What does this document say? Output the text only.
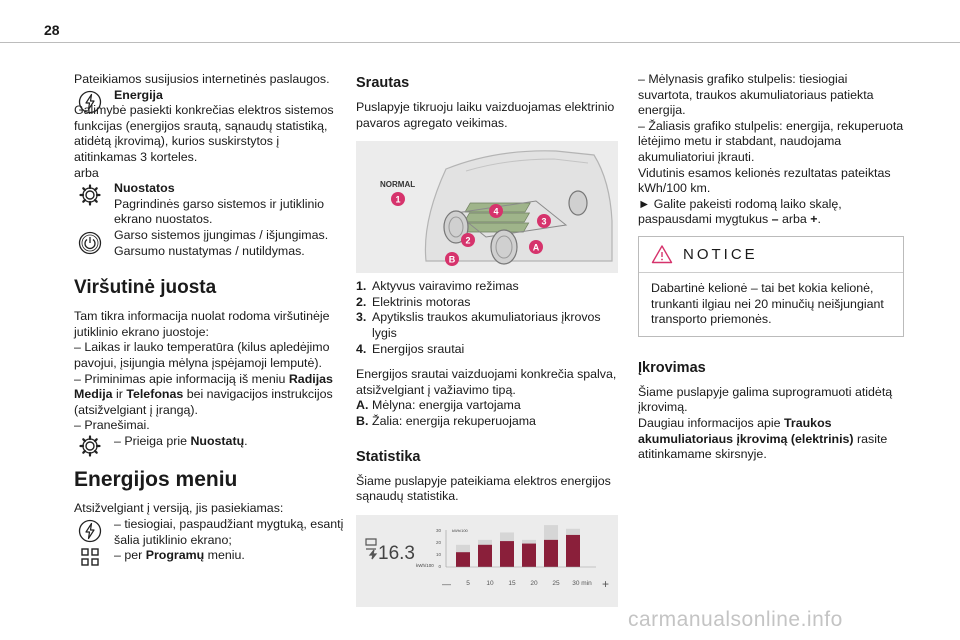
28

Pateikiamos susijusios internetinės paslaugos.

Energija

Galimybė pasiekti konkrečias elektros sistemos funkcijas (energijos srautą, sąnaudų statistiką, atidėtą įkrovimą), kurios suskirstytos į atitinkamas 3 korteles.

arba

Nuostatos

Pagrindinės garso sistemos ir jutiklinio ekrano nuostatos.

Garso sistemos įjungimas / išjungimas. Garsumo nustatymas / nutildymas.

Viršutinė juosta

Tam tikra informacija nuolat rodoma viršutinėje jutiklinio ekrano juostoje:

– Laikas ir lauko temperatūra (kilus apledėjimo pavojui, įsijungia mėlyna įspėjamoji lemputė).

– Priminimas apie informaciją iš meniu Radijas Medija ir Telefonas bei navigacijos instrukcijos (atsižvelgiant į įrangą).

– Pranešimai.

– Prieiga prie Nuostatų.

Energijos meniu

Atsižvelgiant į versiją, jis pasiekiamas:

– tiesiogiai, paspaudžiant mygtuką, esantį šalia jutiklinio ekrano;

– per Programų meniu.

Srautas

Puslapyje tikruoju laiku vaizduojamas elektrinio pavaros agregato veikimas.

NORMAL
1
4
3
2
A
B
1. Aktyvus vairavimo režimas
2. Elektrinis motoras
3. Apytikslis traukos akumuliatoriaus įkrovos lygis
4. Energijos srautai

Energijos srautai vaizduojami konkrečia spalva, atsižvelgiant į važiavimo tipą.

A. Mėlyna: energija vartojama
B. Žalia: energija rekuperuojama
Statistika

Šiame puslapyje pateikiama elektros energijos sąnaudų statistika.

16.3
kWh/100
kWh/100
30
20
10
0
— 5	10 15 20 25 30 min +

– Mėlynasis grafiko stulpelis: tiesiogiai suvartota, traukos akumuliatoriaus patiekta energija.

– Žaliasis grafiko stulpelis: energija, rekuperuota lėtėjimo metu ir stabdant, naudojama akumuliatoriui įkrauti.

Vidutinis esamos kelionės rezultatas pateiktas kWh/100 km.

► Galite pakeisti rodomą laiko skalę, paspausdami mygtukus – arba +.

NOTICE
Dabartinė kelionė – tai bet kokia kelionė, trunkanti ilgiau nei 20 minučių neišjungiant transporto priemonės.
Įkrovimas

Šiame puslapyje galima suprogramuoti atidėtą įkrovimą.

Daugiau informacijos apie Traukos akumuliatoriaus įkrovimą (elektrinis) rasite atitinkamame skirsnyje.

carmanualsonline.info
